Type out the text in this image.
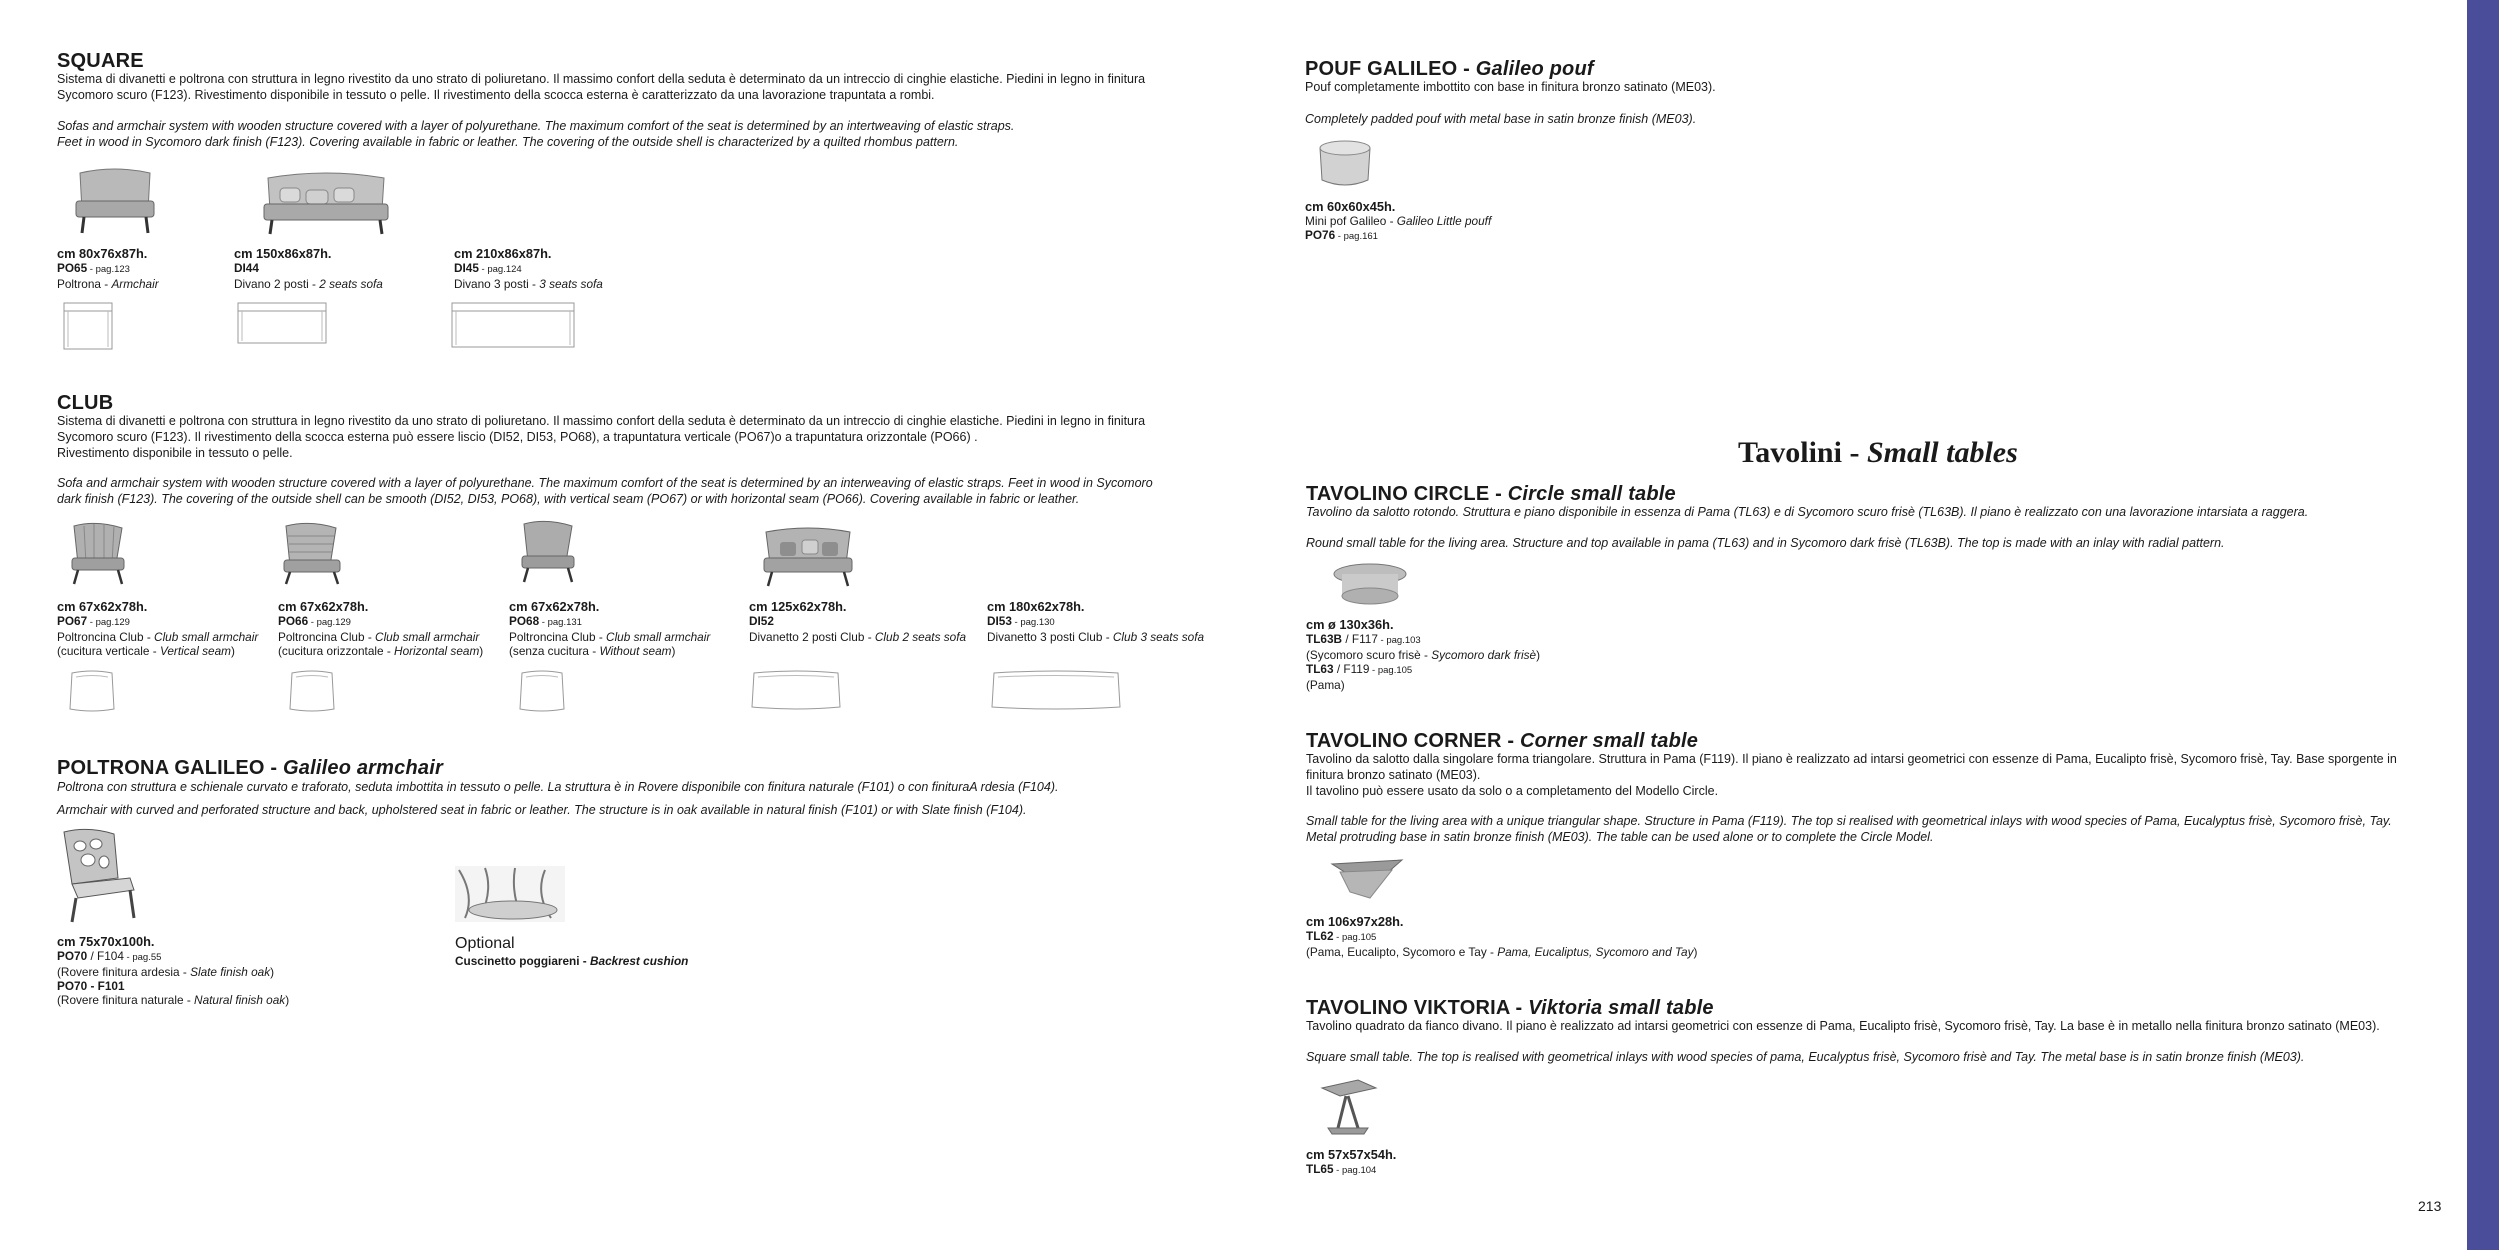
SQUARE
Sistema di divanetti e poltrona con struttura in legno rivestito da uno strato di poliuretano. Il massimo confort della seduta è determinato da un intreccio di cinghie elastiche. Piedini in legno in finitura
Sycomoro scuro (F123). Rivestimento disponibile in tessuto o pelle. Il rivestimento della scocca esterna è caratterizzato da una lavorazione trapuntata a rombi.
Sofas and armchair system with wooden structure covered with a layer of polyurethane. The maximum comfort of the seat is determined by an intertweaving of elastic straps.
Feet in wood in Sycomoro dark finish (F123). Covering available in fabric or leather. The covering of the outside shell is characterized by a quilted rhombus pattern.
cm 80x76x87h.
PO65 - pag.123
Poltrona - Armchair
cm 150x86x87h.
DI44
Divano 2 posti - 2 seats sofa
cm 210x86x87h.
DI45 - pag.124
Divano 3 posti - 3 seats sofa
CLUB
Sistema di divanetti e poltrona con struttura in legno rivestito da uno strato di poliuretano. Il massimo confort della seduta è determinato da un intreccio di cinghie elastiche. Piedini in legno in finitura
Sycomoro scuro (F123). Il rivestimento della scocca esterna può essere liscio (DI52, DI53, PO68), a trapuntatura verticale (PO67)o a trapuntatura orizzontale (PO66) .
Rivestimento disponibile in tessuto o pelle.
Sofa and armchair system with wooden structure covered with a layer of polyurethane. The maximum comfort of the seat is determined by an interweaving of elastic straps. Feet in wood in Sycomoro
dark finish (F123). The covering of the outside shell can be smooth (DI52, DI53, PO68), with vertical seam (PO67) or with horizontal seam (PO66). Covering available in fabric or leather.
cm 67x62x78h.
PO67 - pag.129
Poltroncina Club - Club small armchair
(cucitura verticale - Vertical seam)
cm 67x62x78h.
PO66 - pag.129
Poltroncina Club - Club small armchair
(cucitura orizzontale - Horizontal seam)
cm 67x62x78h.
PO68 - pag.131
Poltroncina Club - Club small armchair
(senza cucitura - Without seam)
cm 125x62x78h.
DI52
Divanetto 2 posti Club - Club 2 seats sofa
cm 180x62x78h.
DI53 - pag.130
Divanetto 3 posti Club - Club 3 seats sofa
POLTRONA GALILEO - Galileo armchair
Poltrona con struttura e schienale curvato e traforato, seduta imbottita in tessuto o pelle. La struttura è in Rovere disponibile con finitura naturale (F101) o con finituraA rdesia (F104).
Armchair with curved and perforated structure and back, upholstered seat in fabric or leather. The structure is in oak available in natural finish (F101) or with Slate finish (F104).
cm 75x70x100h.
PO70 / F104 - pag.55
(Rovere finitura ardesia - Slate finish oak)
PO70 - F101
(Rovere finitura naturale - Natural finish oak)
Optional
Cuscinetto poggiareni - Backrest cushion
POUF GALILEO - Galileo pouf
Pouf completamente imbottito con base in finitura bronzo satinato (ME03).
Completely padded pouf with metal base in satin bronze finish (ME03).
cm 60x60x45h.
Mini pof Galileo - Galileo Little pouff
PO76 - pag.161
Tavolini - Small tables
TAVOLINO CIRCLE - Circle small table
Tavolino da salotto rotondo. Struttura e piano disponibile in essenza di Pama (TL63) e di Sycomoro scuro frisè (TL63B). Il piano è realizzato con una lavorazione intarsiata a raggera.
Round small table for the living area. Structure and top available in pama (TL63) and in Sycomoro dark frisè (TL63B). The top is made with an inlay with radial pattern.
cm ø 130x36h.
TL63B / F117 - pag.103
(Sycomoro scuro frisè - Sycomoro dark frisè)
TL63 / F119 - pag.105
(Pama)
TAVOLINO CORNER - Corner small table
Tavolino da salotto dalla singolare forma triangolare. Struttura in Pama (F119). Il piano è realizzato ad intarsi geometrici con essenze di Pama, Eucalipto frisè, Sycomoro frisè, Tay. Base sporgente in
finitura bronzo satinato (ME03).
Il tavolino può essere usato da solo o a completamento del Modello Circle.
Small table for the living area with a unique triangular shape. Structure in Pama (F119). The top si realised with geometrical inlays with wood species of Pama, Eucalyptus frisè, Sycomoro frisè, Tay.
Metal protruding base in satin bronze finish (ME03). The table can be used alone or to complete the Circle Model.
cm 106x97x28h.
TL62 - pag.105
(Pama, Eucalipto, Sycomoro e Tay - Pama, Eucaliptus, Sycomoro and Tay)
TAVOLINO VIKTORIA - Viktoria small table
Tavolino quadrato da fianco divano. Il piano è realizzato ad intarsi geometrici con essenze di Pama, Eucalipto frisè, Sycomoro frisè, Tay. La base è in metallo nella finitura bronzo satinato (ME03).
Square small table. The top is realised with geometrical inlays with wood species of pama, Eucalyptus frisè, Sycomoro frisè and Tay. The metal base is in satin bronze finish (ME03).
cm 57x57x54h.
TL65 - pag.104
213
